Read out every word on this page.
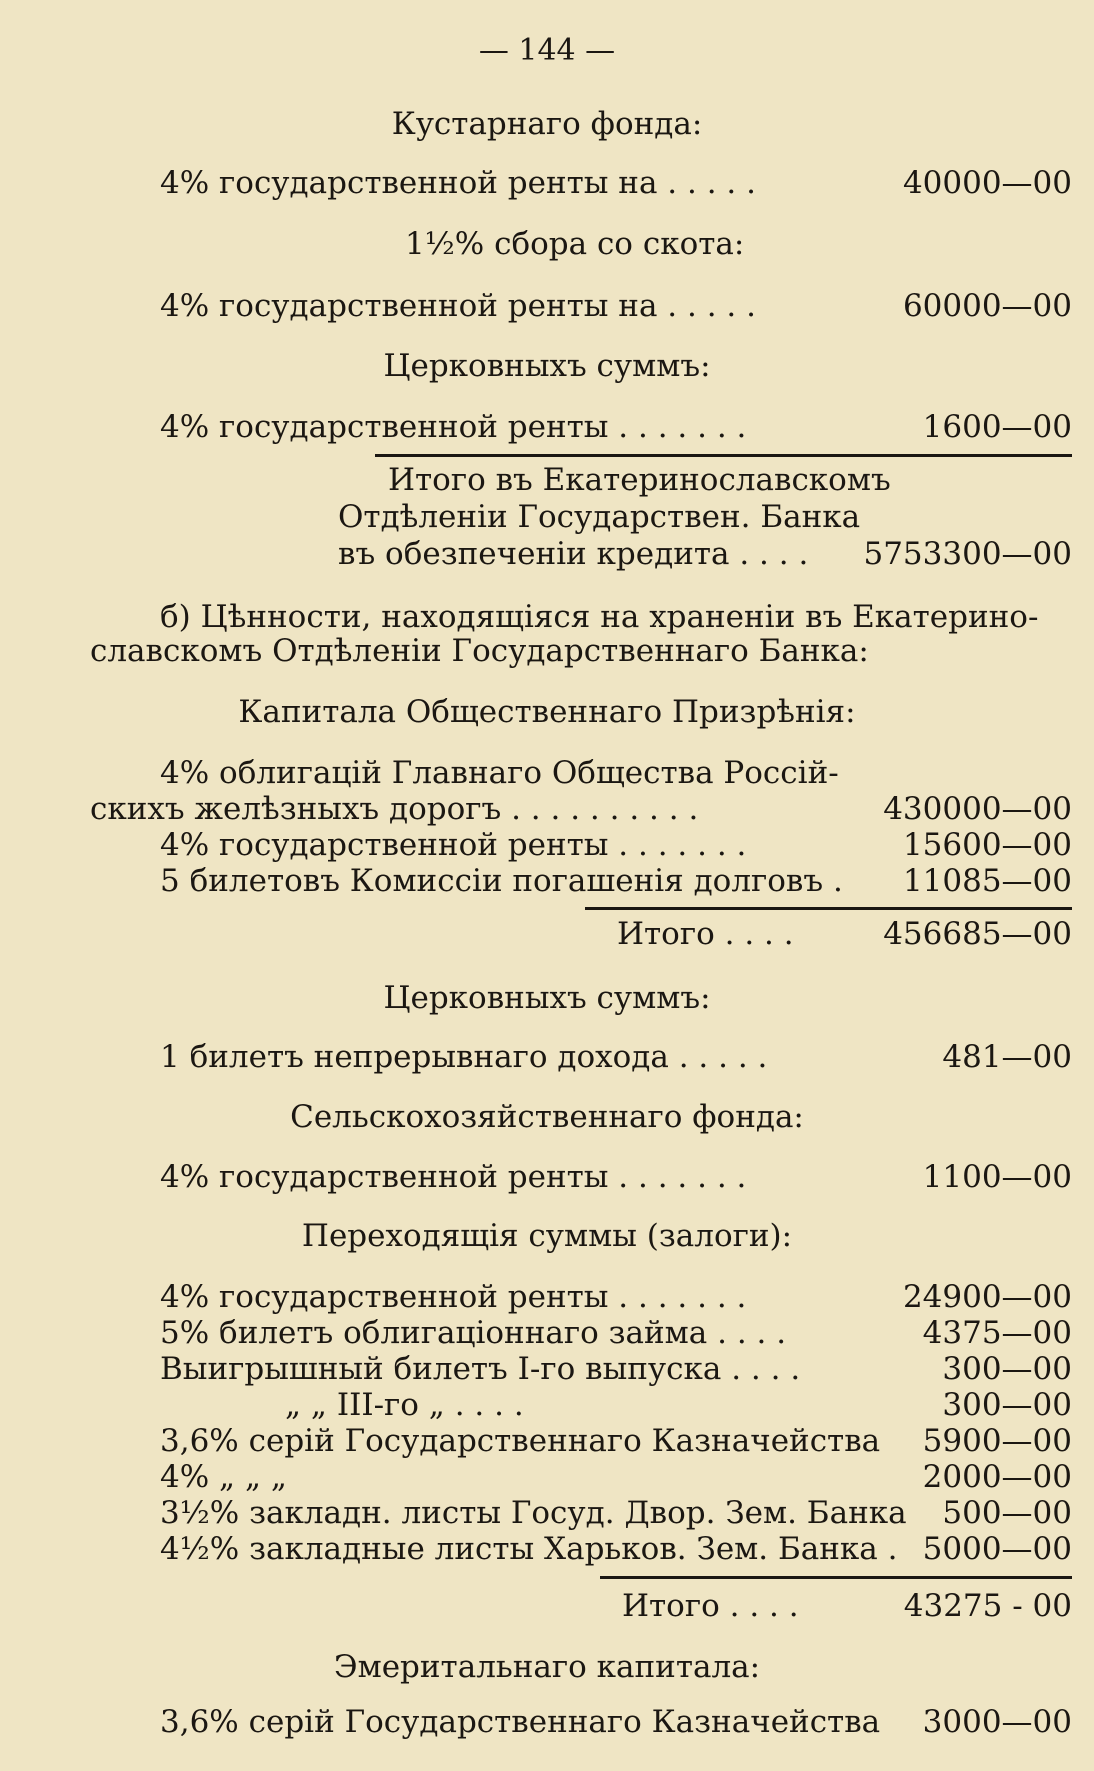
— 144 —
Кустарнаго фонда:
4% государственной ренты на . . . . .	40000—00
1½% сбора со скота:
4% государственной ренты на . . . . .	60000—00
Церковныхъ суммъ:
4% государственной ренты . . . . . . .	1600—00
Итого въ Екатеринославскомъ
Отдѣленіи Государствен. Банка
въ обезпеченіи кредита . . . . 5753300—00
б) Цѣнности, находящіяся на храненіи въ Екатерино-
славскомъ Отдѣленіи Государственнаго Банка:
Капитала Общественнаго Призрѣнія:
4% облигацій Главнаго Общества Россій-
скихъ желѣзныхъ дорогъ . . . . . . . . . .	430000—00
4% государственной ренты . . . . . . .	15600—00
5 билетовъ Комиссіи погашенія долговъ . 11085—00
Итого . . . .	456685—00
Церковныхъ суммъ:
1 билетъ непрерывнаго дохода . . . . .	481—00
Сельскохозяйственнаго фонда:
4% государственной ренты . . . . . . .	1100—00
Переходящія суммы (залоги):
4% государственной ренты . . . . . . .	24900—00
5% билетъ облигаціоннаго займа . . . .	4375—00
Выигрышный билетъ I-го выпуска . . . .	300—00
„ „ III-го „ . . . .	300—00
3,6% серій Государственнаго Казначейства 5900—00
4% „ „ „	2000—00
3½% закладн. листы Госуд. Двор. Зем. Банка 500—00
4½% закладные листы Харьков. Зем. Банка . 5000—00
Итого . . . .	43275 - 00
Эмеритальнаго капитала:
3,6% серій Государственнаго Казначейства 3000—00
